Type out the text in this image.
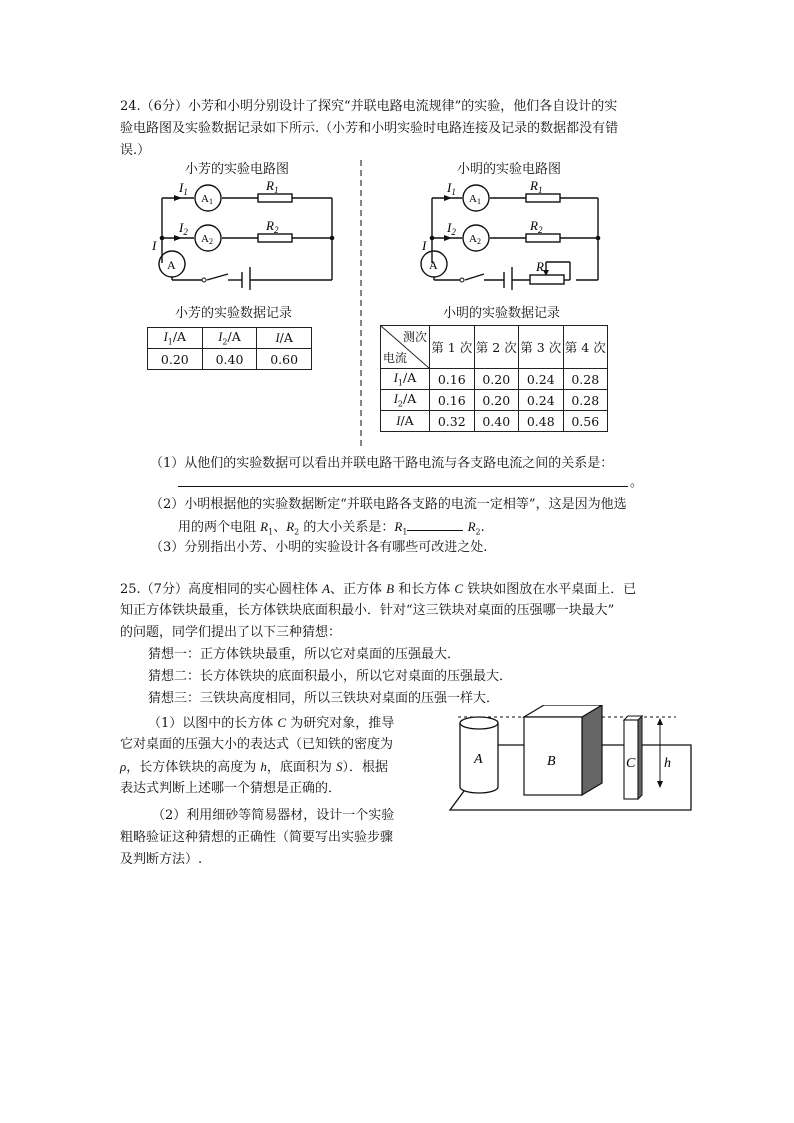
24.（6分）小芳和小明分别设计了探究“并联电路电流规律”的实验，他们各自设计的实
验电路图及实验数据记录如下所示.（小芳和小明实验时电路连接及记录的数据都没有错
误.）
小芳的实验电路图	小明的实验电路图
$I_1$
$I_2$
I
A1
A2
A
$R_1$
$R_2$
$I_1$
$I_2$
I
A1
A2
A
$R_1$
$R_2$
R
小芳的实验数据记录
$I_1/A$	$I_2/A$	I/A
0.20	0.40	0.60
小明的实验数据记录
测次
电流	第 1 次	第 2 次	第 3 次	第 4 次
$I_1/A$	0.16	0.20	0.24	0.28
$I_2/A$	0.16	0.20	0.24	0.28
I/A	0.32	0.40	0.48	0.56
（1）从他们的实验数据可以看出并联电路干路电流与各支路电流之间的关系是：
。
（2）小明根据他的实验数据断定“并联电路各支路的电流一定相等”，这是因为他选
用的两个电阻 $R_1$、$R_2$ 的大小关系是：$R_1$	$R_2$.
（3）分别指出小芳、小明的实验设计各有哪些可改进之处.
25.（7分）高度相同的实心圆柱体 A、正方体 B 和长方体 C 铁块如图放在水平桌面上．已
知正方体铁块最重，长方体铁块底面积最小．针对“这三铁块对桌面的压强哪一块最大”
的问题，同学们提出了以下三种猜想：
猜想一：正方体铁块最重，所以它对桌面的压强最大．
猜想二：长方体铁块的底面积最小，所以它对桌面的压强最大．
猜想三：三铁块高度相同，所以三铁块对桌面的压强一样大．
（1）以图中的长方体 C 为研究对象，推导
它对桌面的压强大小的表达式（已知铁的密度为
ρ，长方体铁块的高度为 h，底面积为 S）．根据
表达式判断上述哪一个猜想是正确的．
（2）利用细砂等简易器材，设计一个实验
粗略验证这种猜想的正确性（简要写出实验步骤
及判断方法）.
A	B	C h
